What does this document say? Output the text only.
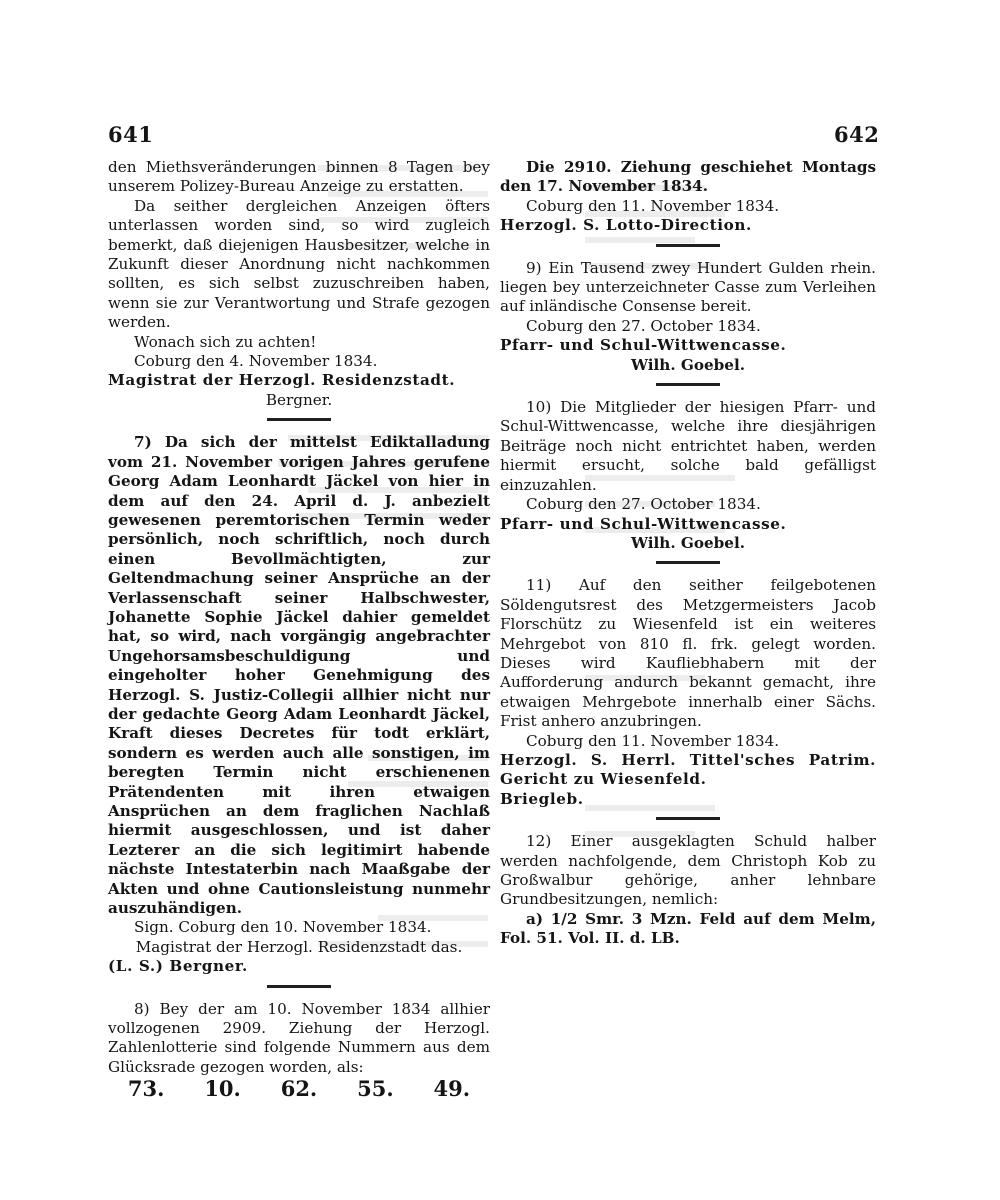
641	642

den Miethsveränderungen binnen 8 Tagen bey unserem Polizey-Bureau Anzeige zu erstatten.

Da seither dergleichen Anzeigen öfters unterlassen worden sind, so wird zugleich bemerkt, daß diejenigen Hausbesitzer, welche in Zukunft dieser Anordnung nicht nachkommen sollten, es sich selbst zuzuschreiben haben, wenn sie zur Verantwortung und Strafe gezogen werden.

Wonach sich zu achten!

Coburg den 4. November 1834.

Magistrat der Herzogl. Residenzstadt.

Bergner.

7) Da sich der mittelst Ediktalladung vom 21. November vorigen Jahres gerufene Georg Adam Leonhardt Jäckel von hier in dem auf den 24. April d. J. anbezielt gewesenen peremtorischen Termin weder persönlich, noch schriftlich, noch durch einen Bevollmächtigten, zur Geltendmachung seiner Ansprüche an der Verlassenschaft seiner Halbschwester, Johanette Sophie Jäckel dahier gemeldet hat, so wird, nach vorgängig angebrachter Ungehorsamsbeschuldigung und eingeholter hoher Genehmigung des Herzogl. S. Justiz-Collegii allhier nicht nur der gedachte Georg Adam Leonhardt Jäckel, Kraft dieses Decretes für todt erklärt, sondern es werden auch alle sonstigen, im beregten Termin nicht erschienenen Prätendenten mit ihren etwaigen Ansprüchen an dem fraglichen Nachlaß hiermit ausgeschlossen, und ist daher Lezterer an die sich legitimirt habende nächste Intestaterbin nach Maaßgabe der Akten und ohne Cautionsleistung nunmehr auszuhändigen.

Sign. Coburg den 10. November 1834.

Magistrat der Herzogl. Residenzstadt das.

(L. S.) Bergner.

8) Bey der am 10. November 1834 allhier vollzogenen 2909. Ziehung der Herzogl. Zahlenlotterie sind folgende Nummern aus dem Glücksrade gezogen worden, als:

73. 10. 62. 55. 49.

Die 2910. Ziehung geschiehet Montags den 17. November 1834.

Coburg den 11. November 1834.

Herzogl. S. Lotto-Direction.

9) Ein Tausend zwey Hundert Gulden rhein. liegen bey unterzeichneter Casse zum Verleihen auf inländische Consense bereit.

Coburg den 27. October 1834.

Pfarr- und Schul-Wittwencasse.

Wilh. Goebel.

10) Die Mitglieder der hiesigen Pfarr- und Schul-Wittwencasse, welche ihre diesjährigen Beiträge noch nicht entrichtet haben, werden hiermit ersucht, solche bald gefälligst einzuzahlen.

Coburg den 27. October 1834.

Pfarr- und Schul-Wittwencasse.

Wilh. Goebel.

11) Auf den seither feilgebotenen Söldengutsrest des Metzgermeisters Jacob Florschütz zu Wiesenfeld ist ein weiteres Mehrgebot von 810 fl. frk. gelegt worden. Dieses wird Kaufliebhabern mit der Aufforderung andurch bekannt gemacht, ihre etwaigen Mehrgebote innerhalb einer Sächs. Frist anhero anzubringen.

Coburg den 11. November 1834.

Herzogl. S. Herrl. Tittel'sches Patrim. Gericht zu Wiesenfeld.

Briegleb.

12) Einer ausgeklagten Schuld halber werden nachfolgende, dem Christoph Kob zu Großwalbur gehörige, anher lehnbare Grundbesitzungen, nemlich:

a) 1/2 Smr. 3 Mzn. Feld auf dem Melm, Fol. 51. Vol. II. d. LB.
